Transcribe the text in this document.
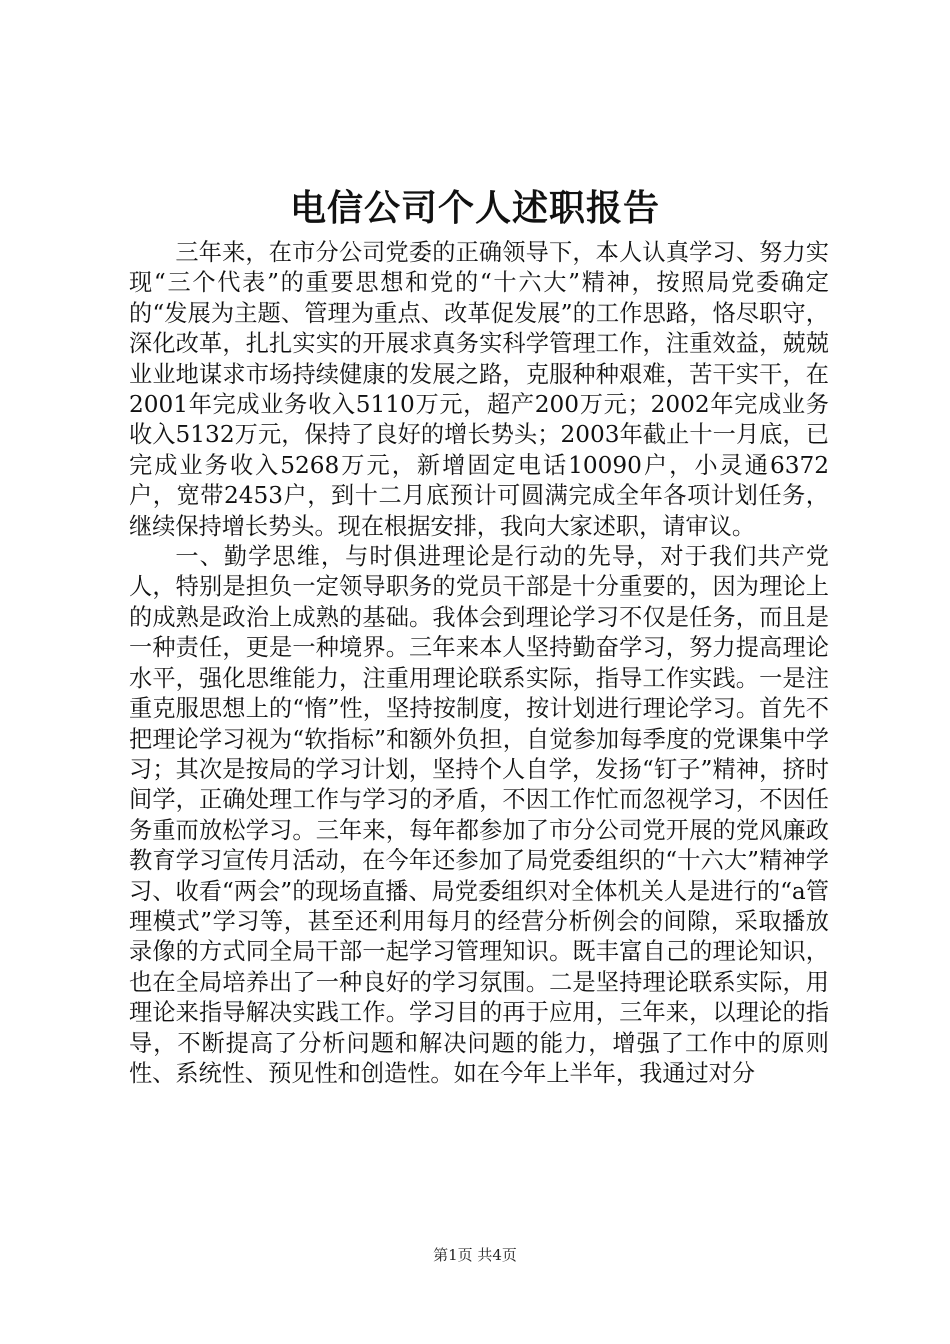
电信公司个人述职报告

三年来，在市分公司党委的正确领导下，本人认真学习、努力实现“三个代表”的重要思想和党的“十六大”精神，按照局党委确定的“发展为主题、管理为重点、改革促发展”的工作思路，恪尽职守，深化改革，扎扎实实的开展求真务实科学管理工作，注重效益，兢兢业业地谋求市场持续健康的发展之路，克服种种艰难，苦干实干，在2001年完成业务收入5110万元，超产200万元；2002年完成业务收入5132万元，保持了良好的增长势头；2003年截止十一月底，已完成业务收入5268万元，新增固定电话10090户，小灵通6372户，宽带2453户，到十二月底预计可圆满完成全年各项计划任务，继续保持增长势头。现在根据安排，我向大家述职，请审议。

一、勤学思维，与时俱进理论是行动的先导，对于我们共产党人，特别是担负一定领导职务的党员干部是十分重要的，因为理论上的成熟是政治上成熟的基础。我体会到理论学习不仅是任务，而且是一种责任，更是一种境界。三年来本人坚持勤奋学习，努力提高理论水平，强化思维能力，注重用理论联系实际，指导工作实践。一是注重克服思想上的“惰”性，坚持按制度，按计划进行理论学习。首先不把理论学习视为“软指标”和额外负担，自觉参加每季度的党课集中学习；其次是按局的学习计划，坚持个人自学，发扬“钉子”精神，挤时间学，正确处理工作与学习的矛盾，不因工作忙而忽视学习，不因任务重而放松学习。三年来，每年都参加了市分公司党开展的党风廉政教育学习宣传月活动，在今年还参加了局党委组织的“十六大”精神学习、收看“两会”的现场直播、局党委组织对全体机关人是进行的“a管理模式”学习等，甚至还利用每月的经营分析例会的间隙，采取播放录像的方式同全局干部一起学习管理知识。既丰富自己的理论知识，也在全局培养出了一种良好的学习氛围。二是坚持理论联系实际，用理论来指导解决实践工作。学习目的再于应用，三年来，以理论的指导，不断提高了分析问题和解决问题的能力，增强了工作中的原则性、系统性、预见性和创造性。如在今年上半年，我通过对分

第1页 共4页
